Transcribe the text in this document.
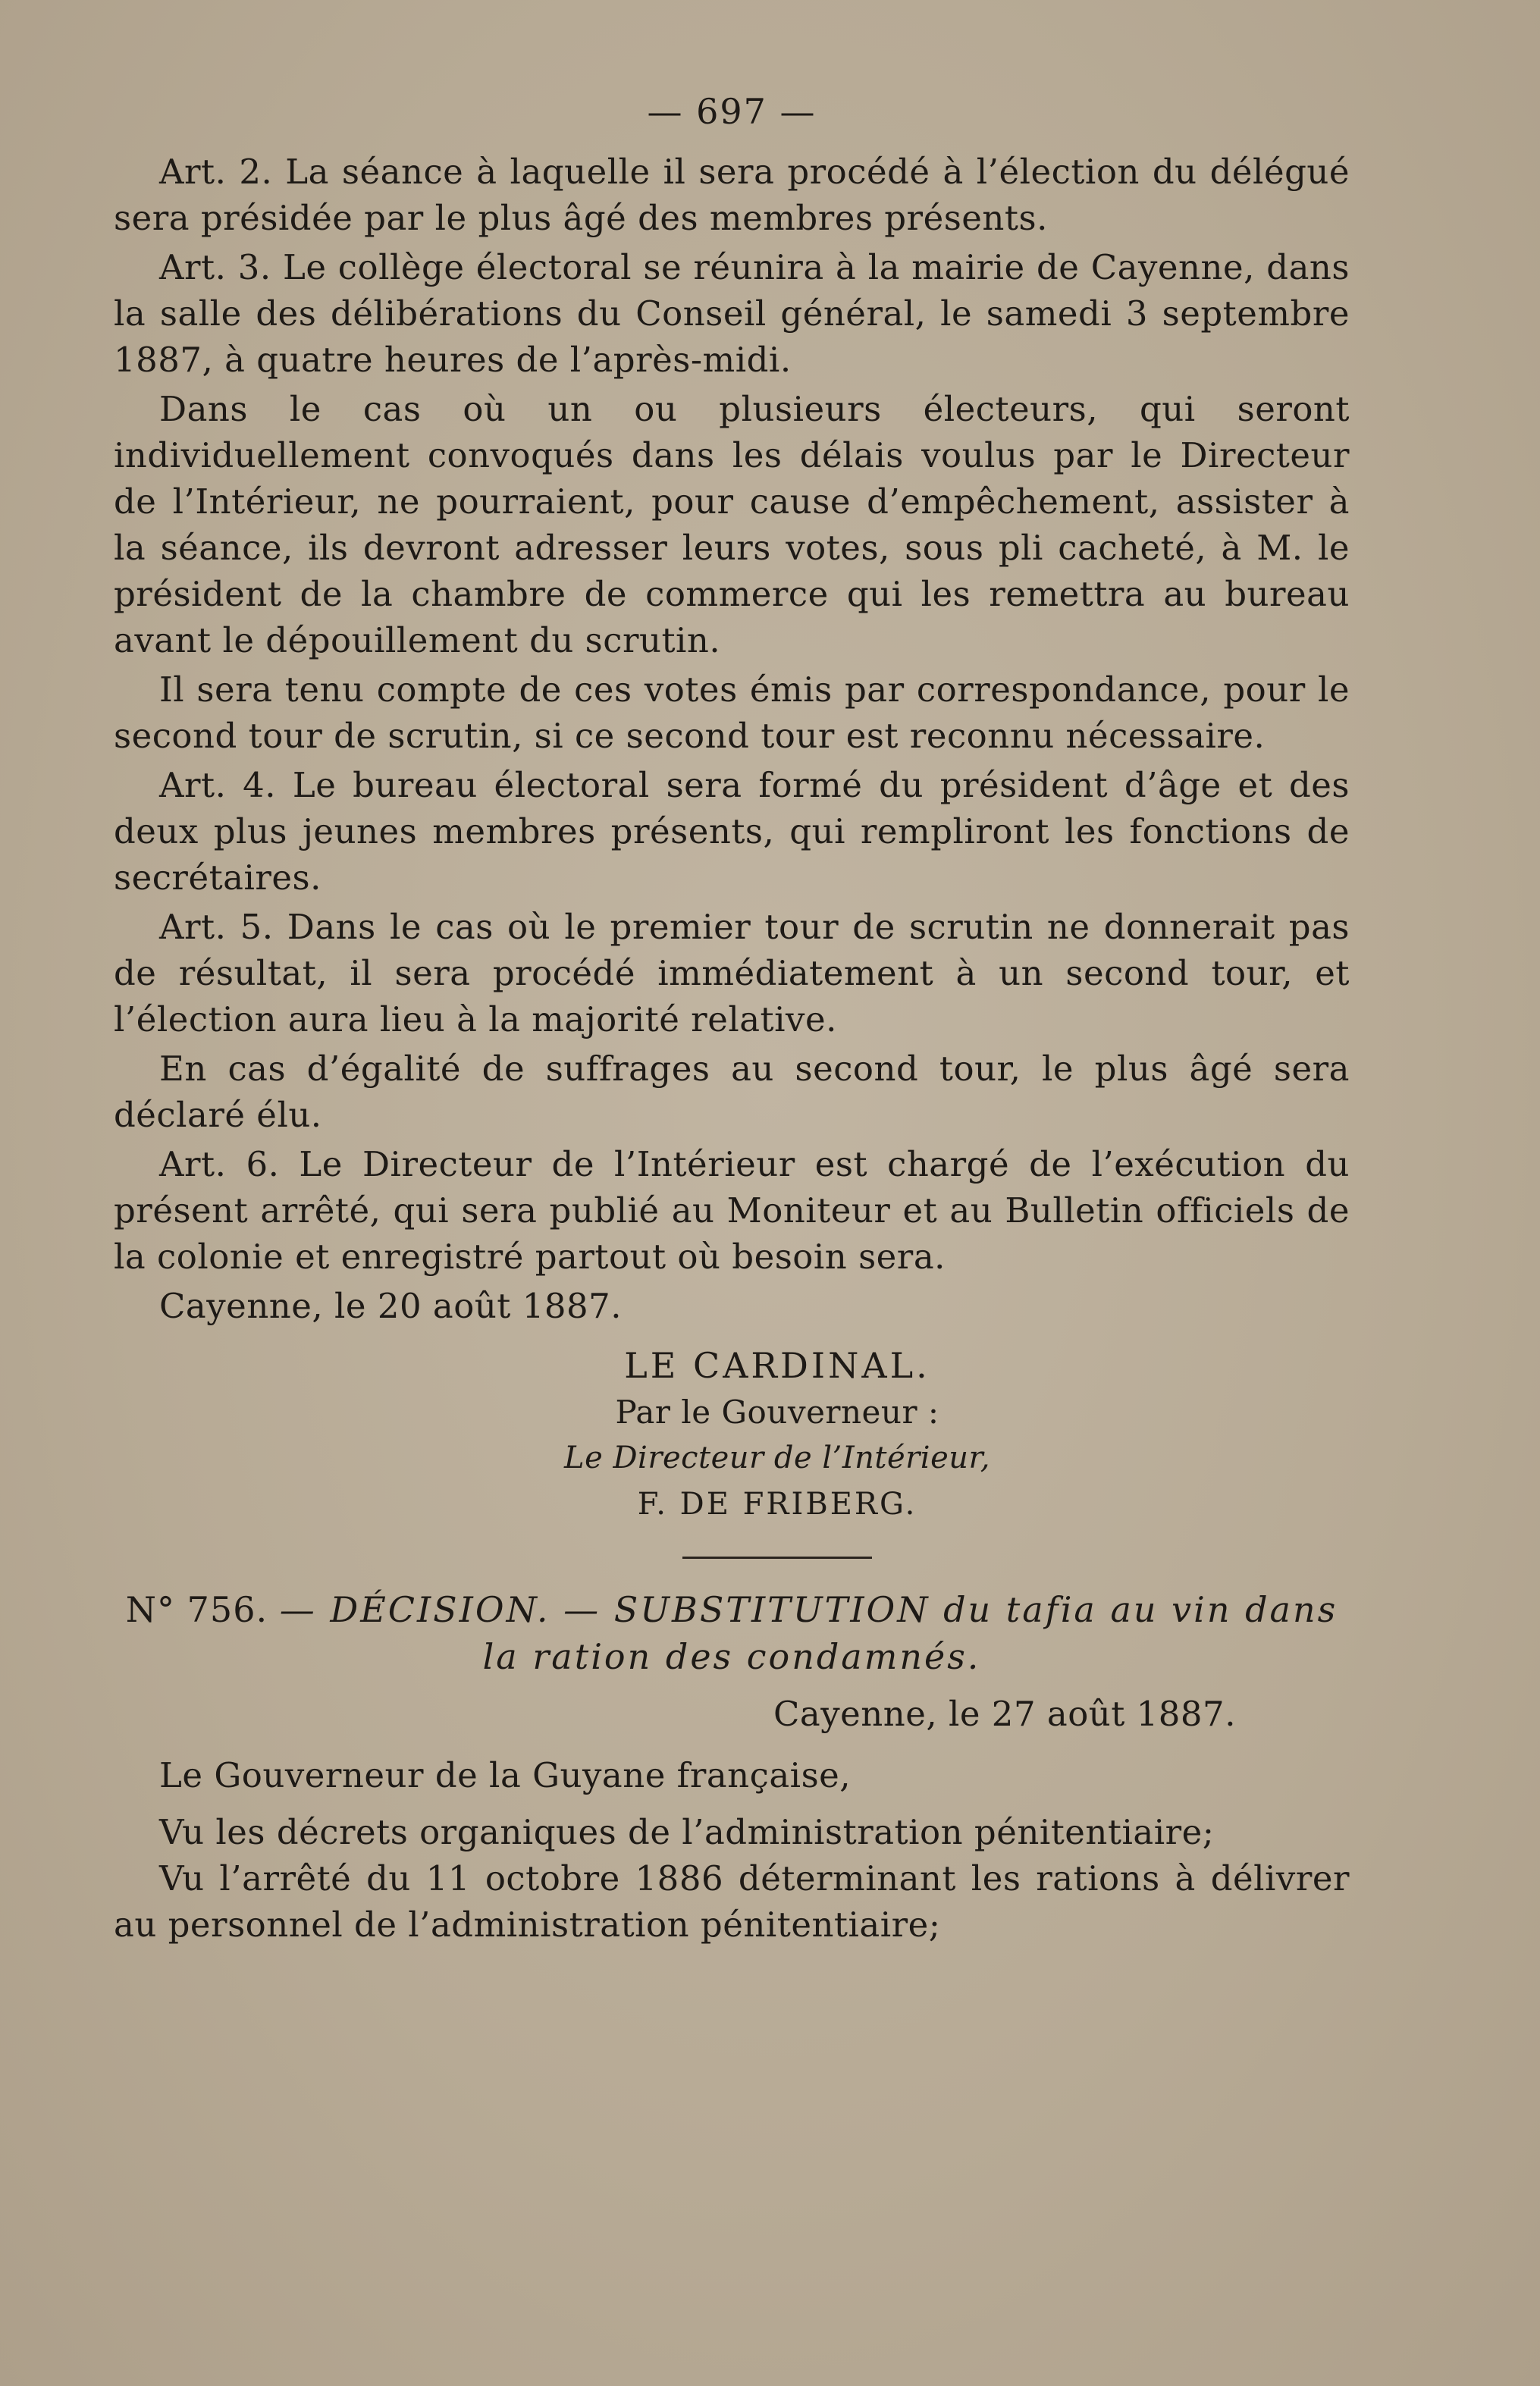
— 697 —

Art. 2. La séance à laquelle il sera procédé à l’élection du délégué sera présidée par le plus âgé des membres présents.

Art. 3. Le collège électoral se réunira à la mairie de Cayenne, dans la salle des délibérations du Conseil général, le samedi 3 septembre 1887, à quatre heures de l’après-midi.

Dans le cas où un ou plusieurs électeurs, qui seront individuellement convoqués dans les délais voulus par le Directeur de l’Intérieur, ne pourraient, pour cause d’empêchement, assister à la séance, ils devront adresser leurs votes, sous pli cacheté, à M. le président de la chambre de commerce qui les remettra au bureau avant le dépouillement du scrutin.

Il sera tenu compte de ces votes émis par correspondance, pour le second tour de scrutin, si ce second tour est reconnu nécessaire.

Art. 4. Le bureau électoral sera formé du président d’âge et des deux plus jeunes membres présents, qui rempliront les fonctions de secrétaires.

Art. 5. Dans le cas où le premier tour de scrutin ne donnerait pas de résultat, il sera procédé immédiatement à un second tour, et l’élection aura lieu à la majorité relative.

En cas d’égalité de suffrages au second tour, le plus âgé sera déclaré élu.

Art. 6. Le Directeur de l’Intérieur est chargé de l’exécution du présent arrêté, qui sera publié au Moniteur et au Bulletin officiels de la colonie et enregistré partout où besoin sera.

Cayenne, le 20 août 1887.

LE CARDINAL.

Par le Gouverneur :

Le Directeur de l’Intérieur,

F. DE FRIBERG.

N° 756. — DÉCISION. — SUBSTITUTION du tafia au vin dans la ration des condamnés.

Cayenne, le 27 août 1887.

Le Gouverneur de la Guyane française,

Vu les décrets organiques de l’administration pénitentiaire;

Vu l’arrêté du 11 octobre 1886 déterminant les rations à délivrer au personnel de l’administration pénitentiaire;
